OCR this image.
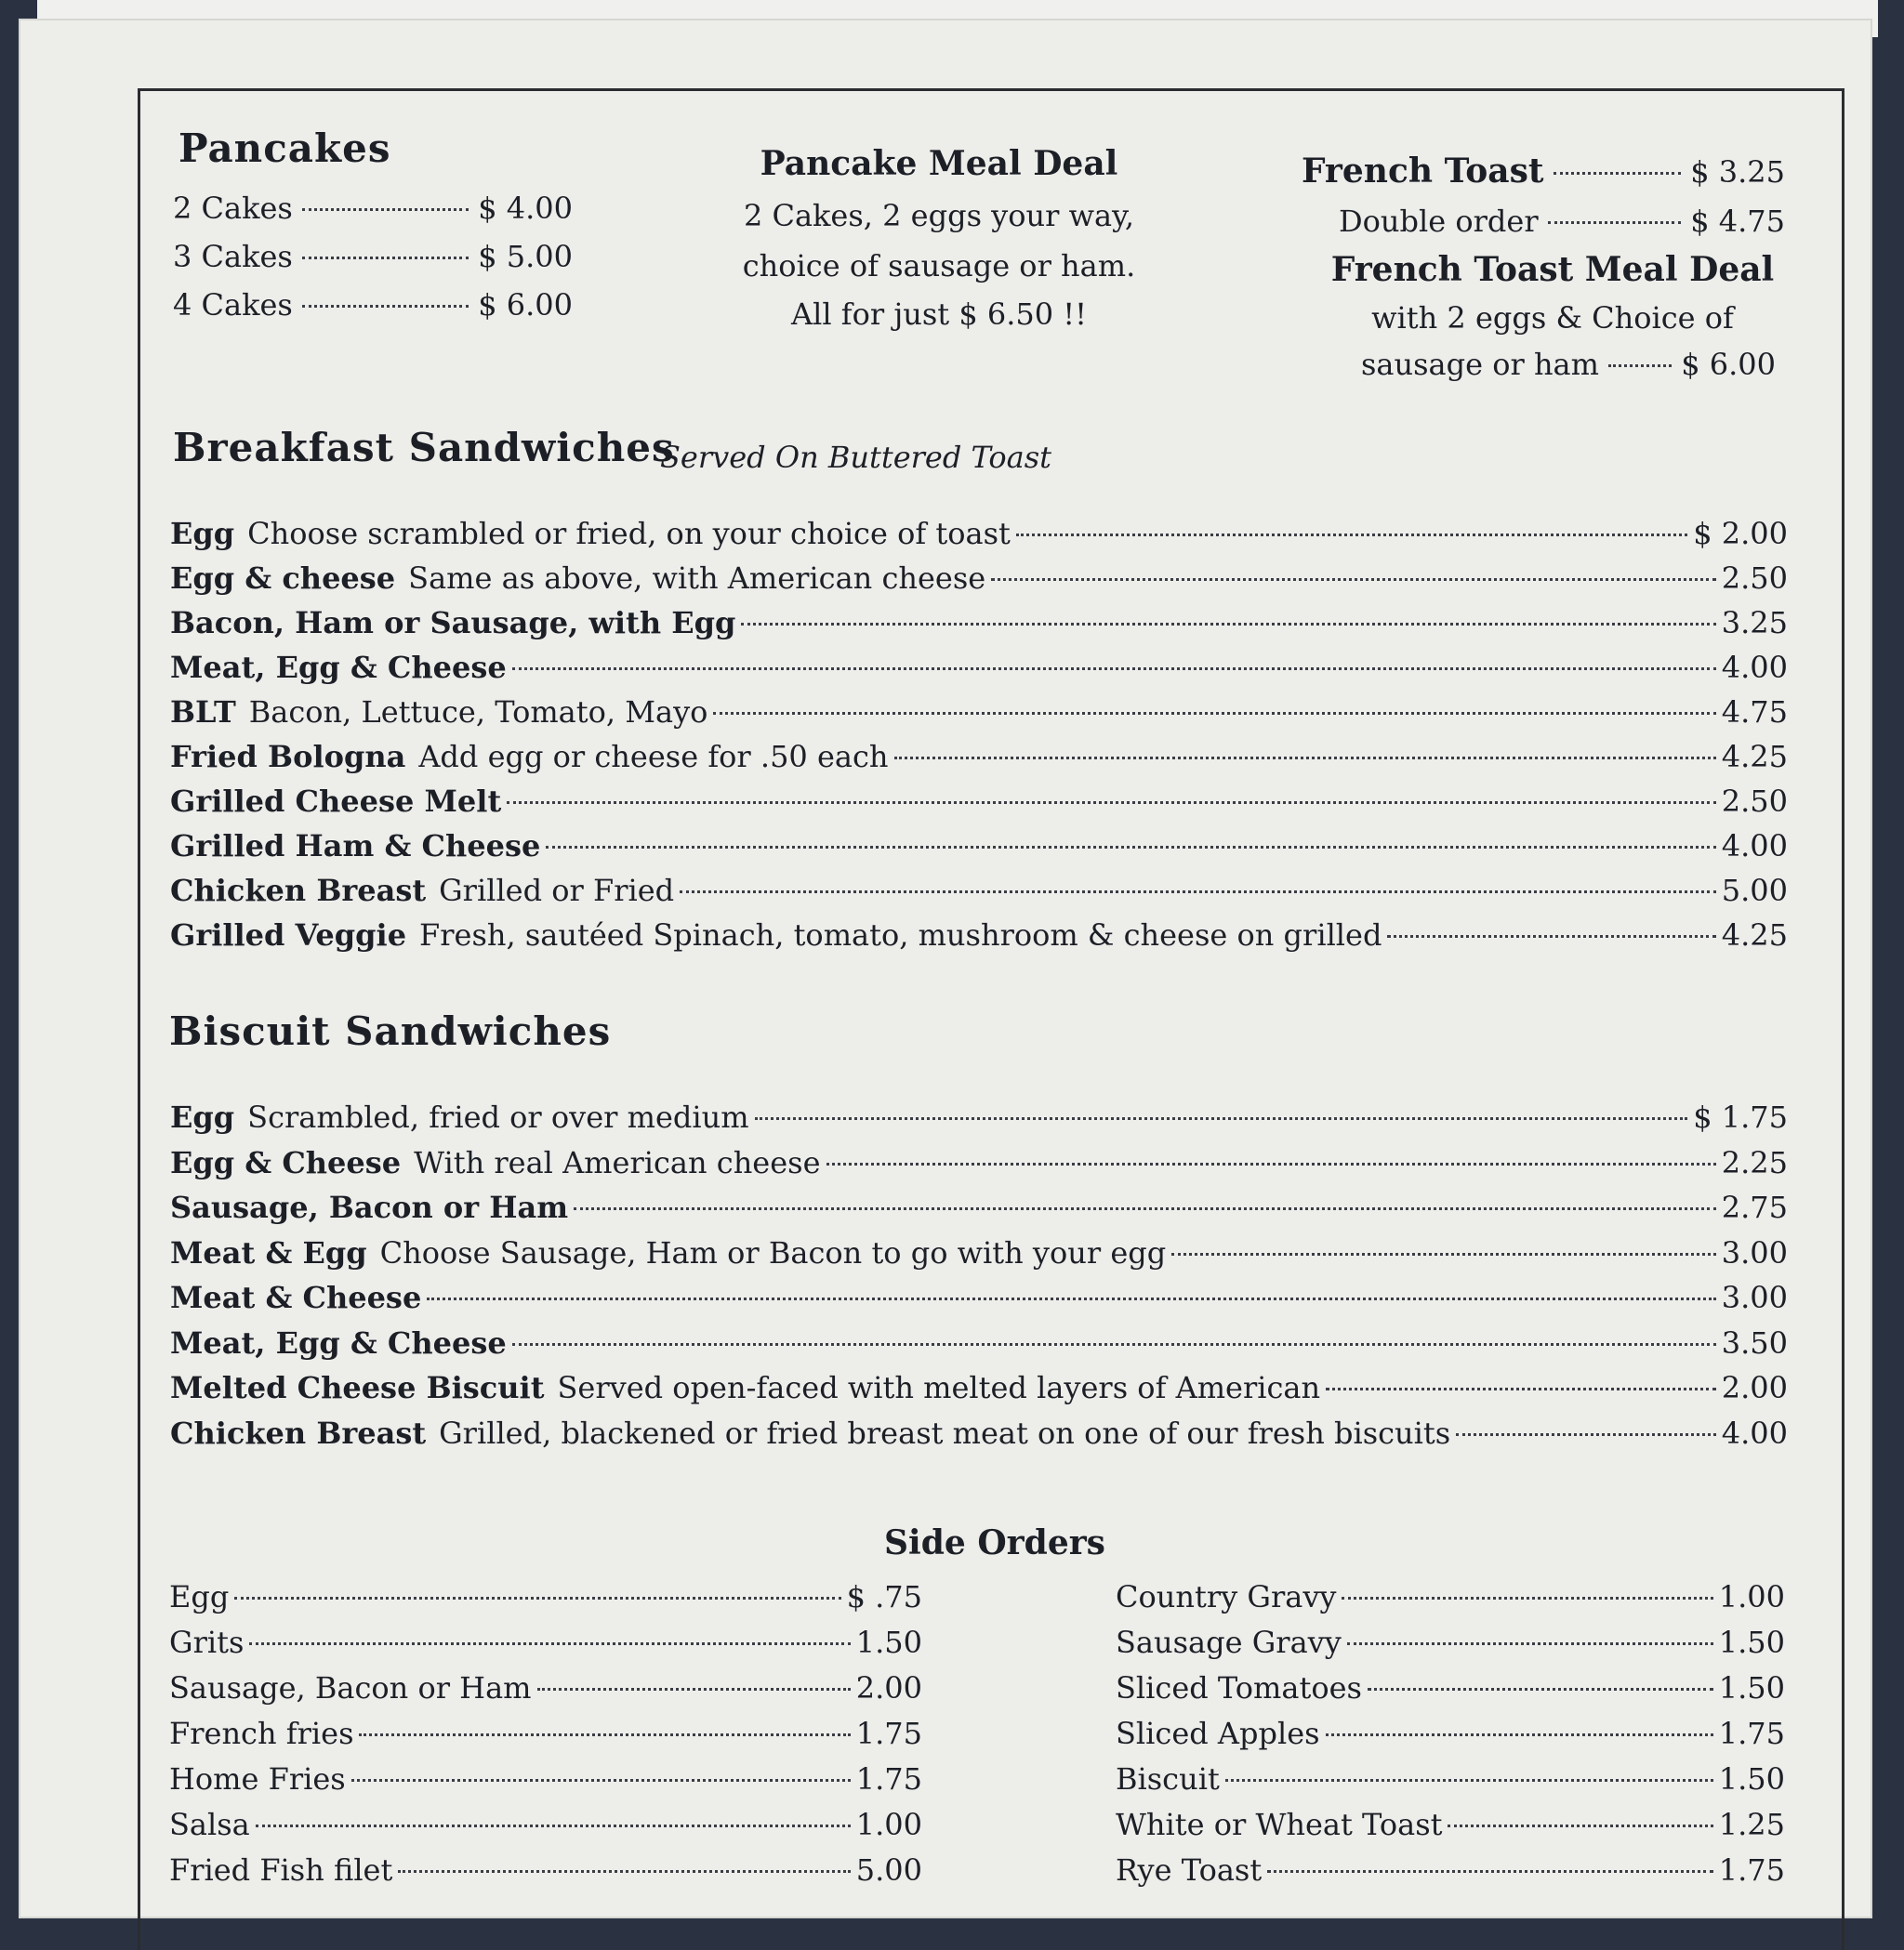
Pancakes
2 Cakes	$ 4.00
3 Cakes	$ 5.00
4 Cakes	$ 6.00
Pancake Meal Deal
2 Cakes, 2 eggs your way,
choice of sausage or ham.
All for just $ 6.50 !!
French Toast	$ 3.25
Double order	$ 4.75
French Toast Meal Deal
with 2 eggs & Choice of
sausage or ham	$ 6.00
Breakfast Sandwiches
Served On Buttered Toast
Egg Choose scrambled or fried, on your choice of toast	$ 2.00
Egg & cheese Same as above, with American cheese	2.50
Bacon, Ham or Sausage, with Egg	3.25
Meat, Egg & Cheese	4.00
BLT Bacon, Lettuce, Tomato, Mayo	4.75
Fried Bologna Add egg or cheese for .50 each	4.25
Grilled Cheese Melt	2.50
Grilled Ham & Cheese	4.00
Chicken Breast Grilled or Fried	5.00
Grilled Veggie Fresh, sautéed Spinach, tomato, mushroom & cheese on grilled	4.25
Biscuit Sandwiches
Egg Scrambled, fried or over medium	$ 1.75
Egg & Cheese With real American cheese	2.25
Sausage, Bacon or Ham	2.75
Meat & Egg Choose Sausage, Ham or Bacon to go with your egg	3.00
Meat & Cheese	3.00
Meat, Egg & Cheese	3.50
Melted Cheese Biscuit Served open-faced with melted layers of American	2.00
Chicken Breast Grilled, blackened or fried breast meat on one of our fresh biscuits	4.00
Side Orders
Egg	$ .75
Grits	1.50
Sausage, Bacon or Ham	2.00
French fries	1.75
Home Fries	1.75
Salsa	1.00
Fried Fish filet	5.00
Country Gravy	1.00
Sausage Gravy	1.50
Sliced Tomatoes	1.50
Sliced Apples	1.75
Biscuit	1.50
White or Wheat Toast	1.25
Rye Toast	1.75
